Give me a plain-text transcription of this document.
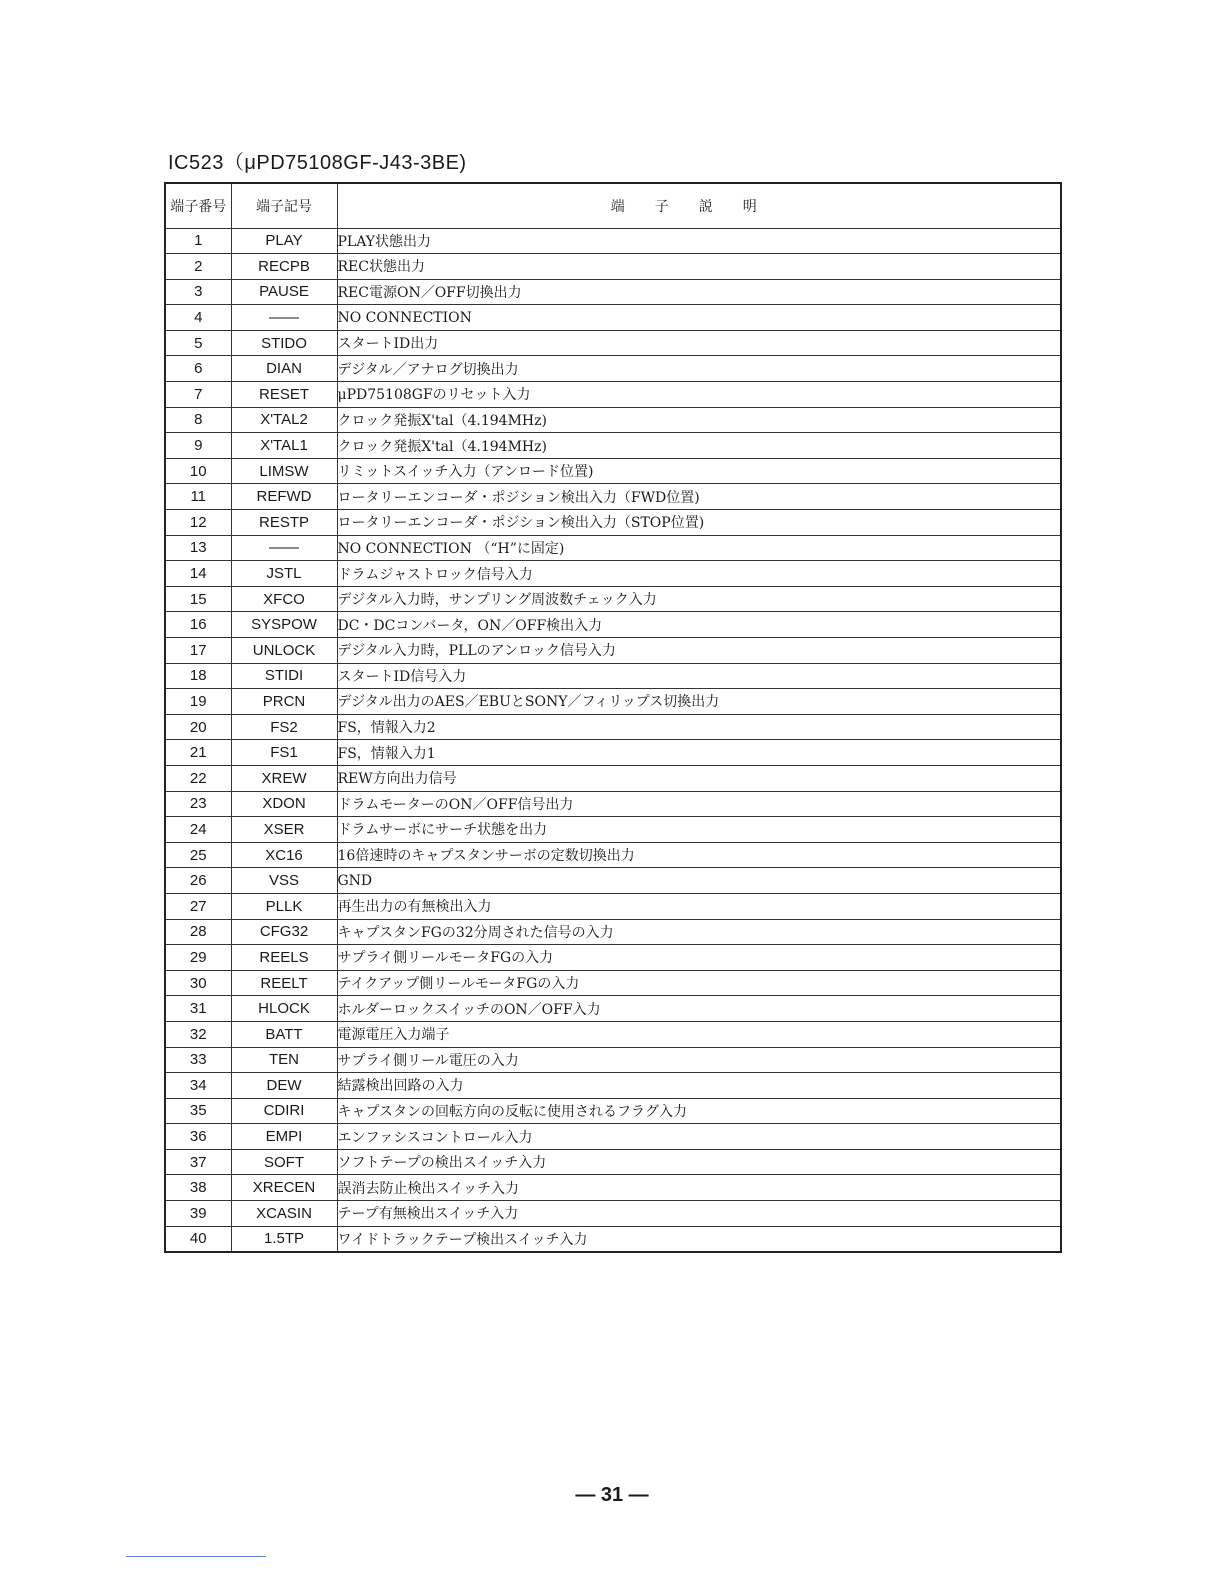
IC523（μPD75108GF-J43-3BE)
端子番号	端子記号	端子説明
1	PLAY	PLAY状態出力
2	RECPB	REC状態出力
3	PAUSE	REC電源ON／OFF切換出力
4	——	NO CONNECTION
5	STIDO	スタートID出力
6	DIAN	デジタル／アナログ切換出力
7	RESET	μPD75108GFのリセット入力
8	X'TAL2	クロック発振X'tal（4.194MHz)
9	X'TAL1	クロック発振X'tal（4.194MHz)
10	LIMSW	リミットスイッチ入力（アンロード位置)
11	REFWD	ロータリーエンコーダ・ポジション検出入力（FWD位置)
12	RESTP	ロータリーエンコーダ・ポジション検出入力（STOP位置)
13	——	NO CONNECTION （“H”に固定)
14	JSTL	ドラムジャストロック信号入力
15	XFCO	デジタル入力時，サンプリング周波数チェック入力
16	SYSPOW	DC・DCコンバータ，ON／OFF検出入力
17	UNLOCK	デジタル入力時，PLLのアンロック信号入力
18	STIDI	スタートID信号入力
19	PRCN	デジタル出力のAES／EBUとSONY／フィリップス切換出力
20	FS2	FS，情報入力2
21	FS1	FS，情報入力1
22	XREW	REW方向出力信号
23	XDON	ドラムモーターのON／OFF信号出力
24	XSER	ドラムサーボにサーチ状態を出力
25	XC16	16倍速時のキャプスタンサーボの定数切換出力
26	VSS	GND
27	PLLK	再生出力の有無検出入力
28	CFG32	キャプスタンFGの32分周された信号の入力
29	REELS	サプライ側リールモータFGの入力
30	REELT	テイクアップ側リールモータFGの入力
31	HLOCK	ホルダーロックスイッチのON／OFF入力
32	BATT	電源電圧入力端子
33	TEN	サプライ側リール電圧の入力
34	DEW	結露検出回路の入力
35	CDIRI	キャプスタンの回転方向の反転に使用されるフラグ入力
36	EMPI	エンファシスコントロール入力
37	SOFT	ソフトテープの検出スイッチ入力
38	XRECEN	誤消去防止検出スイッチ入力
39	XCASIN	テープ有無検出スイッチ入力
40	1.5TP	ワイドトラックテープ検出スイッチ入力
— 31 —
